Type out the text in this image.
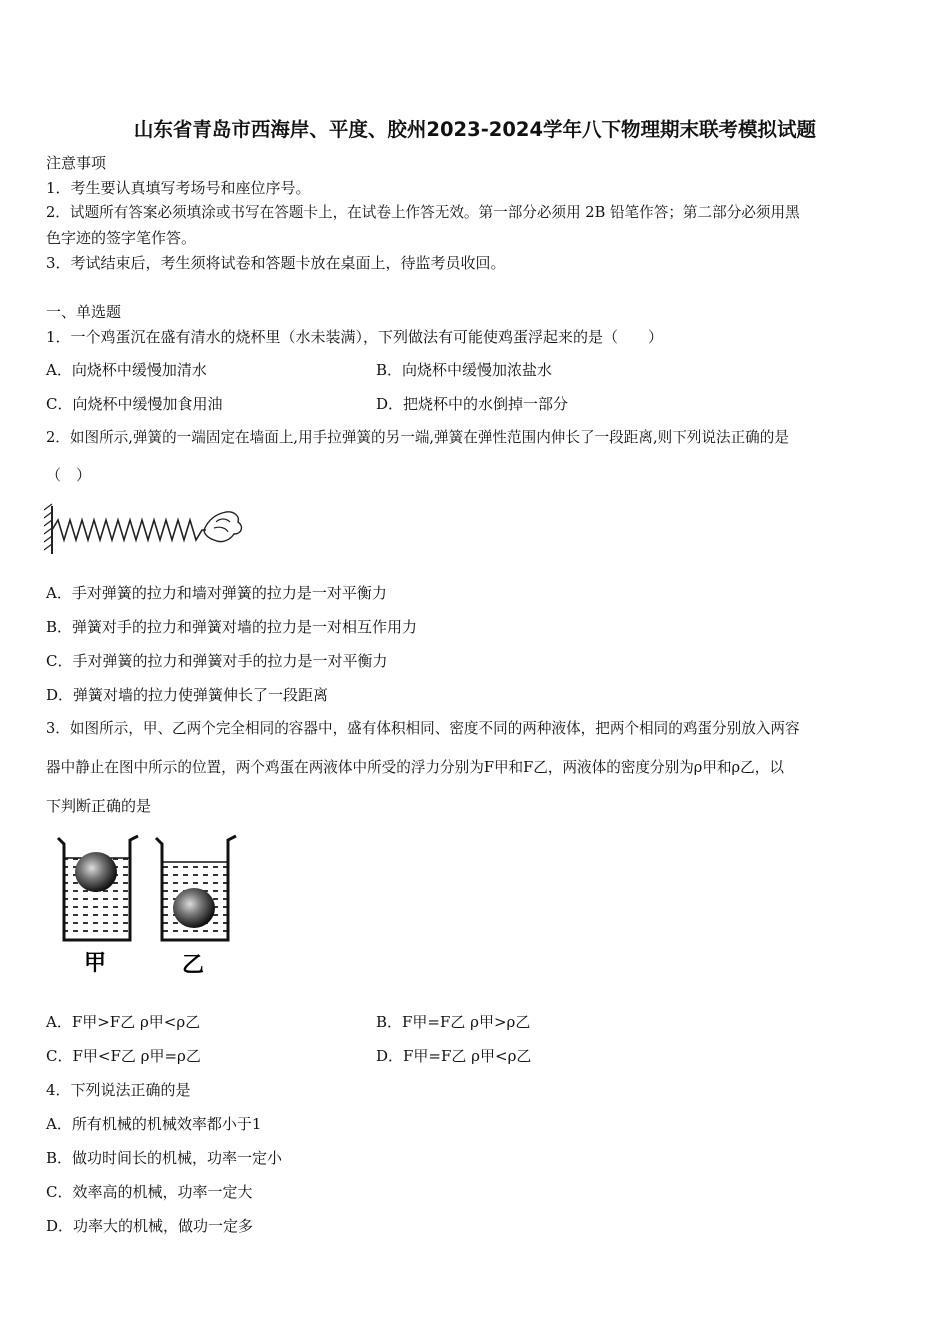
山东省青岛市西海岸、平度、胶州2023-2024学年八下物理期末联考模拟试题
注意事项
1．考生要认真填写考场号和座位序号。
2．试题所有答案必须填涂或书写在答题卡上，在试卷上作答无效。第一部分必须用 2B 铅笔作答；第二部分必须用黑
色字迹的签字笔作答。
3．考试结束后，考生须将试卷和答题卡放在桌面上，待监考员收回。
一、单选题
1．一个鸡蛋沉在盛有清水的烧杯里（水未装满），下列做法有可能使鸡蛋浮起来的是（　　）
A．向烧杯中缓慢加清水	B．向烧杯中缓慢加浓盐水
C．向烧杯中缓慢加食用油	D．把烧杯中的水倒掉一部分
2．如图所示,弹簧的一端固定在墙面上,用手拉弹簧的另一端,弹簧在弹性范围内伸长了一段距离,则下列说法正确的是
（　）
A．手对弹簧的拉力和墙对弹簧的拉力是一对平衡力
B．弹簧对手的拉力和弹簧对墙的拉力是一对相互作用力
C．手对弹簧的拉力和弹簧对手的拉力是一对平衡力
D．弹簧对墙的拉力使弹簧伸长了一段距离
3．如图所示，甲、乙两个完全相同的容器中，盛有体积相同、密度不同的两种液体，把两个相同的鸡蛋分别放入两容
器中静止在图中所示的位置，两个鸡蛋在两液体中所受的浮力分别为F甲和F乙，两液体的密度分别为ρ甲和ρ乙，以
下判断正确的是
甲	乙
A．F甲>F乙 ρ甲<ρ乙	B．F甲=F乙 ρ甲>ρ乙
C．F甲<F乙 ρ甲=ρ乙	D．F甲=F乙 ρ甲<ρ乙
4．下列说法正确的是
A．所有机械的机械效率都小于1
B．做功时间长的机械，功率一定小
C．效率高的机械，功率一定大
D．功率大的机械，做功一定多
